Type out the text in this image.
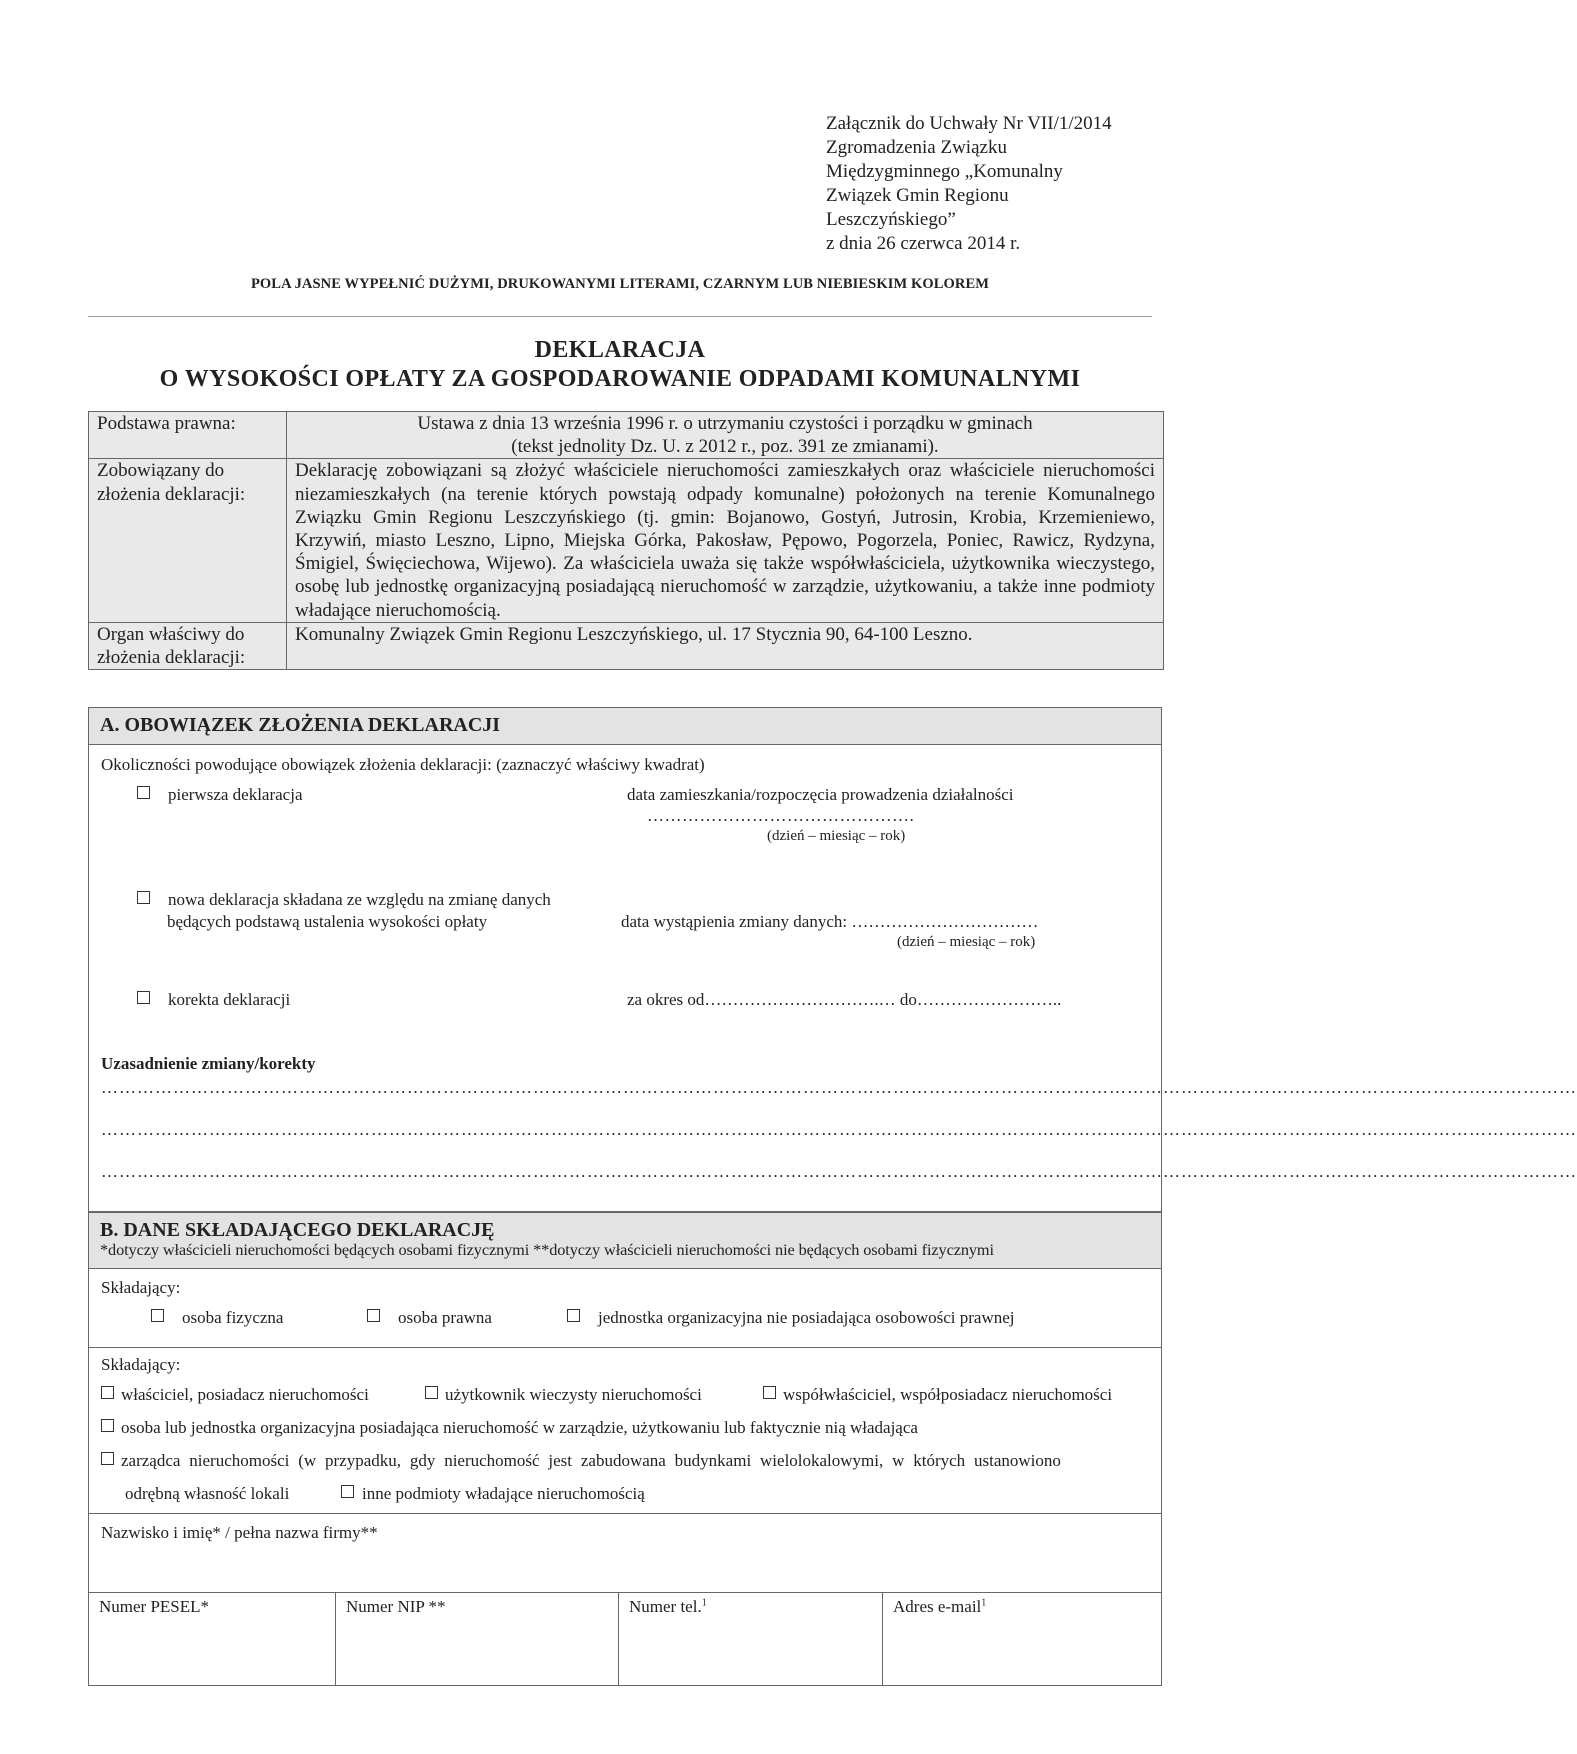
Załącznik do Uchwały Nr VII/1/2014
Zgromadzenia Związku
Międzygminnego „Komunalny
Związek Gmin Regionu
Leszczyńskiego”
z dnia 26 czerwca 2014 r.
POLA JASNE WYPEŁNIĆ DUŻYMI, DRUKOWANYMI LITERAMI, CZARNYM LUB NIEBIESKIM KOLOREM
DEKLARACJA
O WYSOKOŚCI OPŁATY ZA GOSPODAROWANIE ODPADAMI KOMUNALNYMI
Podstawa prawna:	Ustawa z dnia 13 września 1996 r. o utrzymaniu czystości i porządku w gminach
(tekst jednolity Dz. U. z 2012 r., poz. 391 ze zmianami).

Zobowiązany do
złożenia deklaracji:	Deklarację zobowiązani są złożyć właściciele nieruchomości zamieszkałych oraz właściciele nieruchomości niezamieszkałych (na terenie których powstają odpady komunalne) położonych na terenie Komunalnego Związku Gmin Regionu Leszczyńskiego (tj. gmin: Bojanowo, Gostyń, Jutrosin, Krobia, Krzemieniewo, Krzywiń, miasto Leszno, Lipno, Miejska Górka, Pakosław, Pępowo, Pogorzela, Poniec, Rawicz, Rydzyna, Śmigiel, Święciechowa, Wijewo). Za właściciela uważa się także współwłaściciela, użytkownika wieczystego, osobę lub jednostkę organizacyjną posiadającą nieruchomość w zarządzie, użytkowaniu, a także inne podmioty władające nieruchomością.

Organ właściwy do
złożenia deklaracji:	Komunalny Związek Gmin Regionu Leszczyńskiego, ul. 17 Stycznia 90, 64-100 Leszno.
A. OBOWIĄZEK ZŁOŻENIA DEKLARACJI
Okoliczności powodujące obowiązek złożenia deklaracji: (zaznaczyć właściwy kwadrat)
pierwsza deklaracja	data zamieszkania/rozpoczęcia prowadzenia działalności
……………………………………….
(dzień – miesiąc – rok)
nowa deklaracja składana ze względu na zmianę danych
będących podstawą ustalenia wysokości opłaty	data wystąpienia zmiany danych: ……………………………
(dzień – miesiąc – rok)
korekta deklaracji	za okres od………………………….… do……………………..
Uzasadnienie zmiany/korekty
…………………………………………………………………………………………………………………………………………………………………………………………………………………………
…………………………………………………………………………………………………………………………………………………………………………………………………………………………
…………………………………………………………………………………………………………………………………………………………………………………………………………………………
B. DANE SKŁADAJĄCEGO DEKLARACJĘ
*dotyczy właścicieli nieruchomości będących osobami fizycznymi **dotyczy właścicieli nieruchomości nie będących osobami fizycznymi
Składający:
osoba fizyczna	osoba prawna	jednostka organizacyjna nie posiadająca osobowości prawnej
Składający:
właściciel, posiadacz nieruchomości	użytkownik wieczysty nieruchomości	współwłaściciel, współposiadacz nieruchomości
osoba lub jednostka organizacyjna posiadająca nieruchomość w zarządzie, użytkowaniu lub faktycznie nią władająca
zarządca nieruchomości (w przypadku, gdy nieruchomość jest zabudowana budynkami wielolokalowymi, w których ustanowiono
odrębną własność lokali	inne podmioty władające nieruchomością
Nazwisko i imię* / pełna nazwa firmy**
Numer PESEL*	Numer NIP **	Numer tel.$^1$	Adres e-mail$^1$
